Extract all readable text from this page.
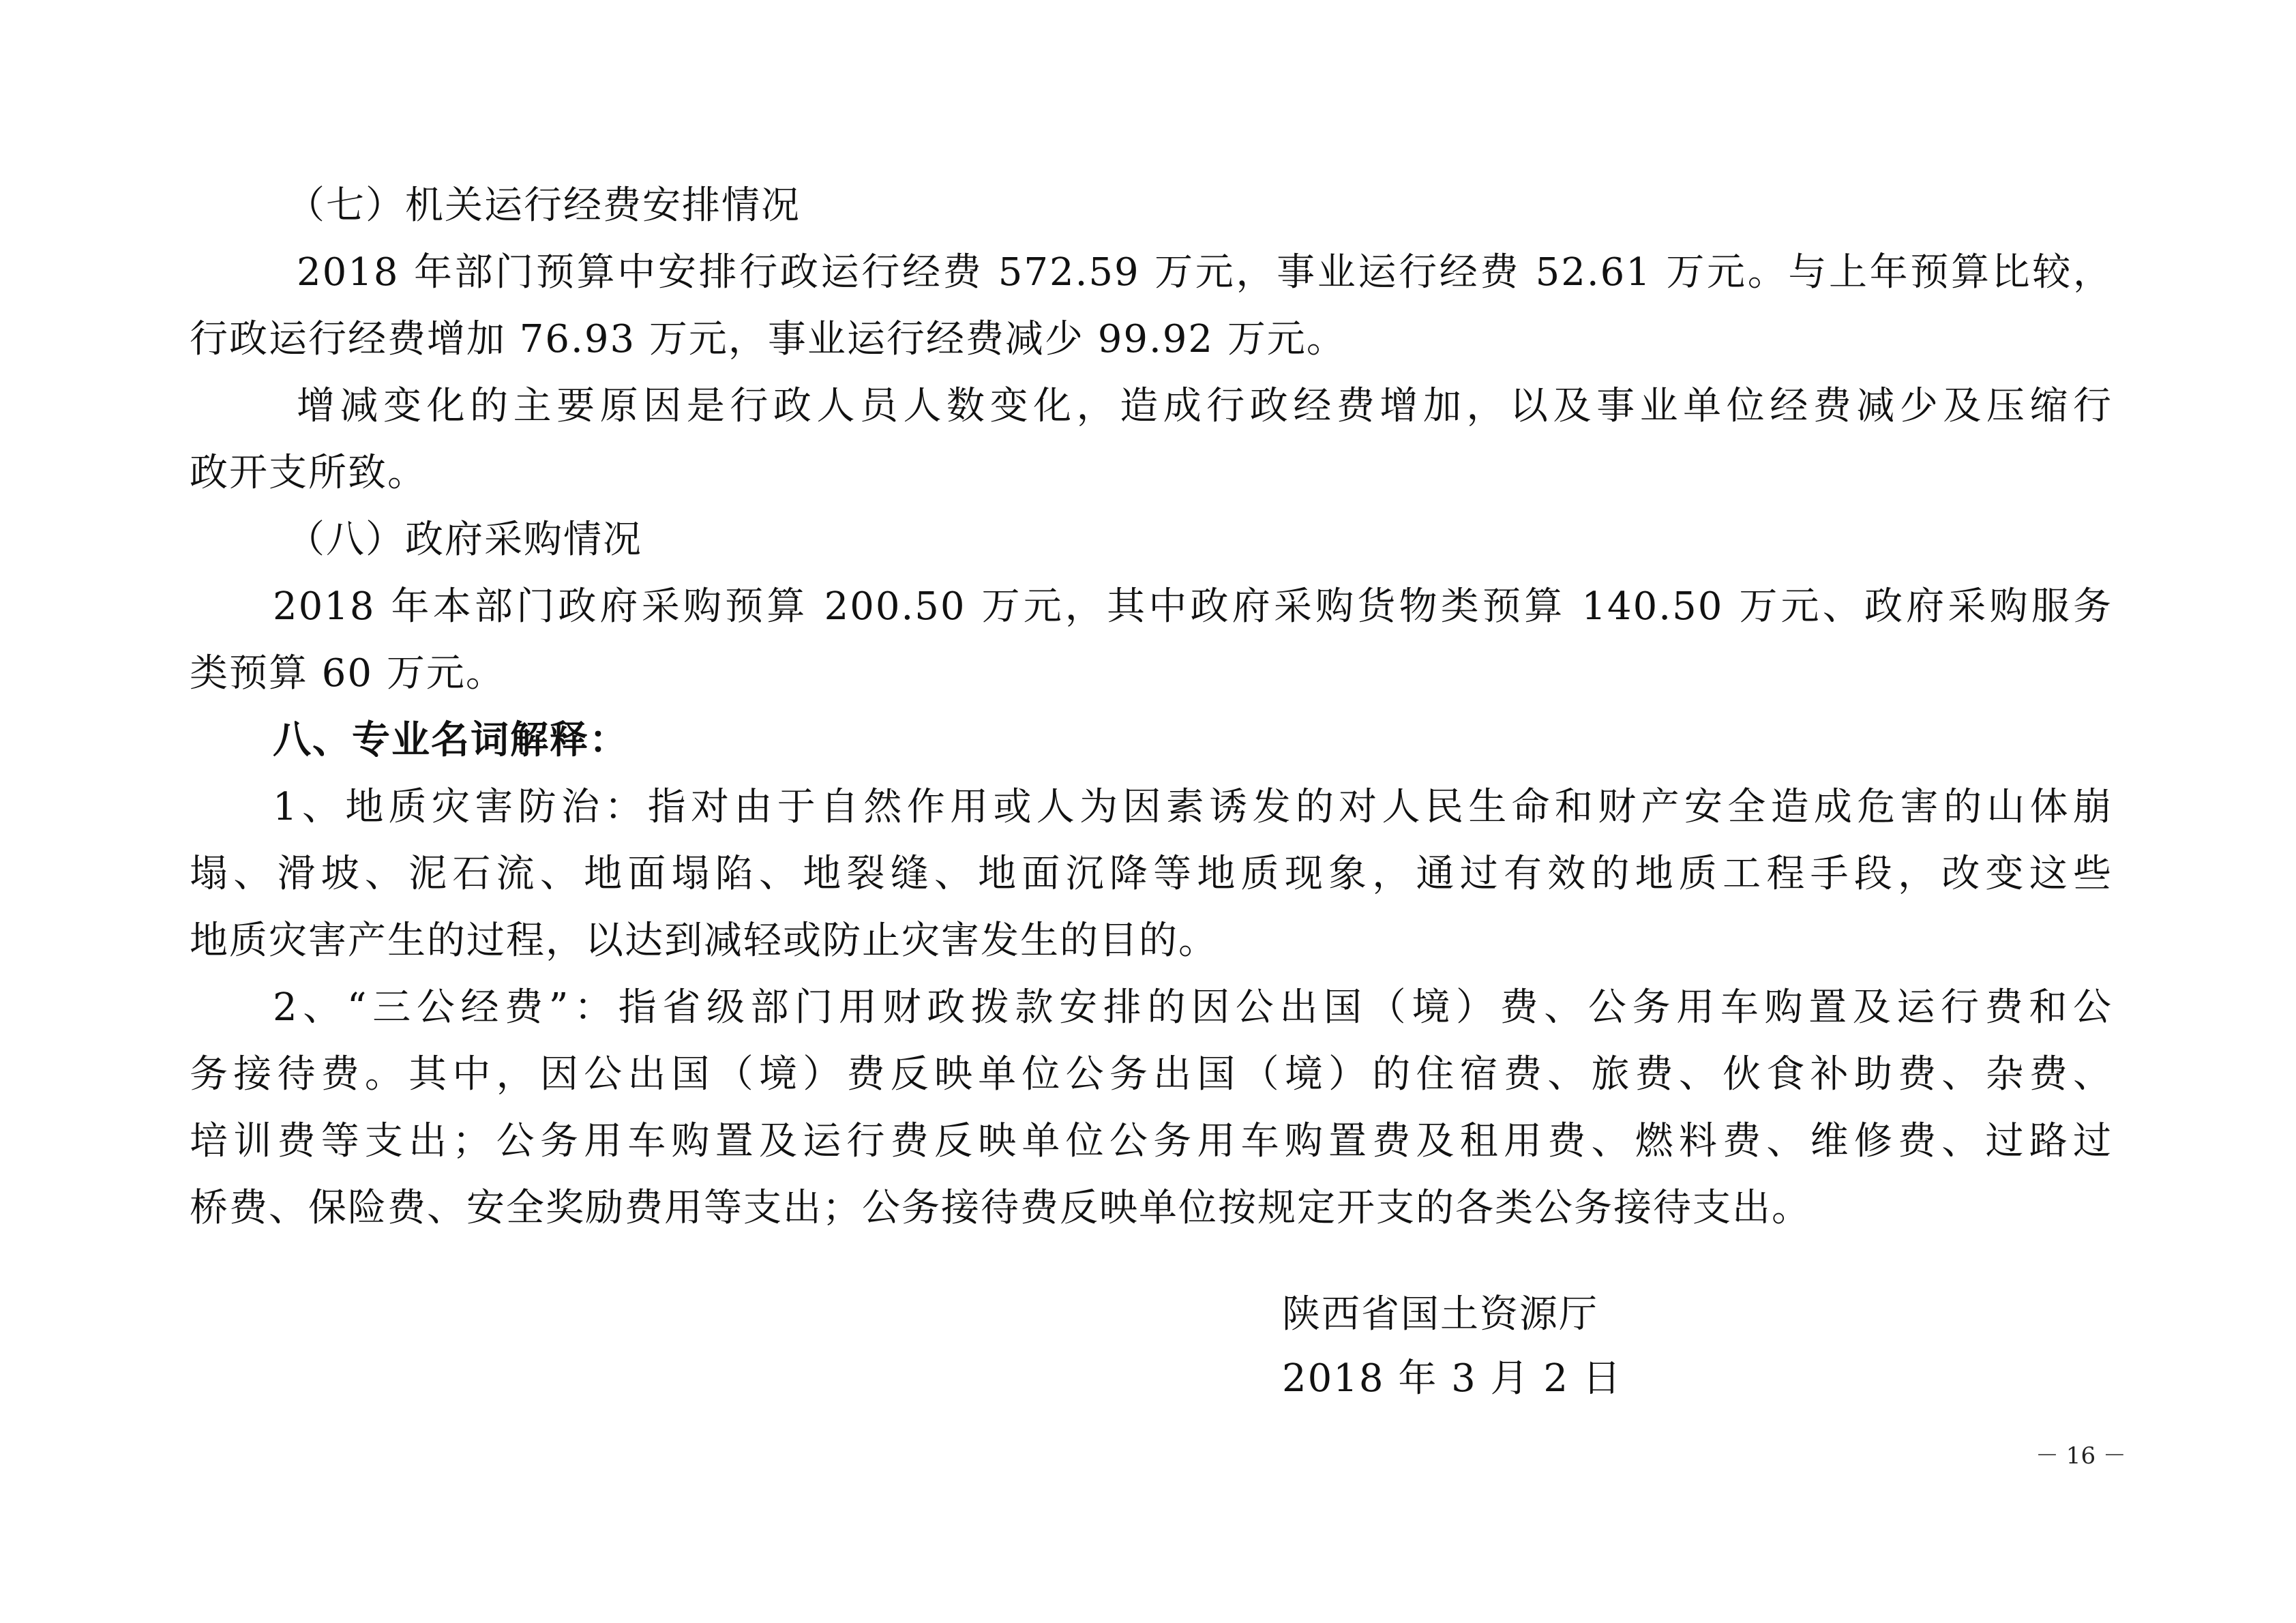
（七）机关运行经费安排情况
2018 年部门预算中安排行政运行经费 572.59 万元，事业运行经费 52.61 万元。与上年预算比较，
行政运行经费增加 76.93 万元，事业运行经费减少 99.92 万元。
增减变化的主要原因是行政人员人数变化，造成行政经费增加，以及事业单位经费减少及压缩行
政开支所致。
（八）政府采购情况
2018 年本部门政府采购预算 200.50 万元，其中政府采购货物类预算 140.50 万元、政府采购服务
类预算 60 万元。
八、专业名词解释：
1、地质灾害防治：指对由于自然作用或人为因素诱发的对人民生命和财产安全造成危害的山体崩
塌、滑坡、泥石流、地面塌陷、地裂缝、地面沉降等地质现象，通过有效的地质工程手段，改变这些
地质灾害产生的过程，以达到减轻或防止灾害发生的目的。
2、“三公经费”：指省级部门用财政拨款安排的因公出国（境）费、公务用车购置及运行费和公
务接待费。其中，因公出国（境）费反映单位公务出国（境）的住宿费、旅费、伙食补助费、杂费、
培训费等支出；公务用车购置及运行费反映单位公务用车购置费及租用费、燃料费、维修费、过路过
桥费、保险费、安全奖励费用等支出；公务接待费反映单位按规定开支的各类公务接待支出。
陕西省国土资源厅
2018 年 3 月 2 日
－ 16 －
